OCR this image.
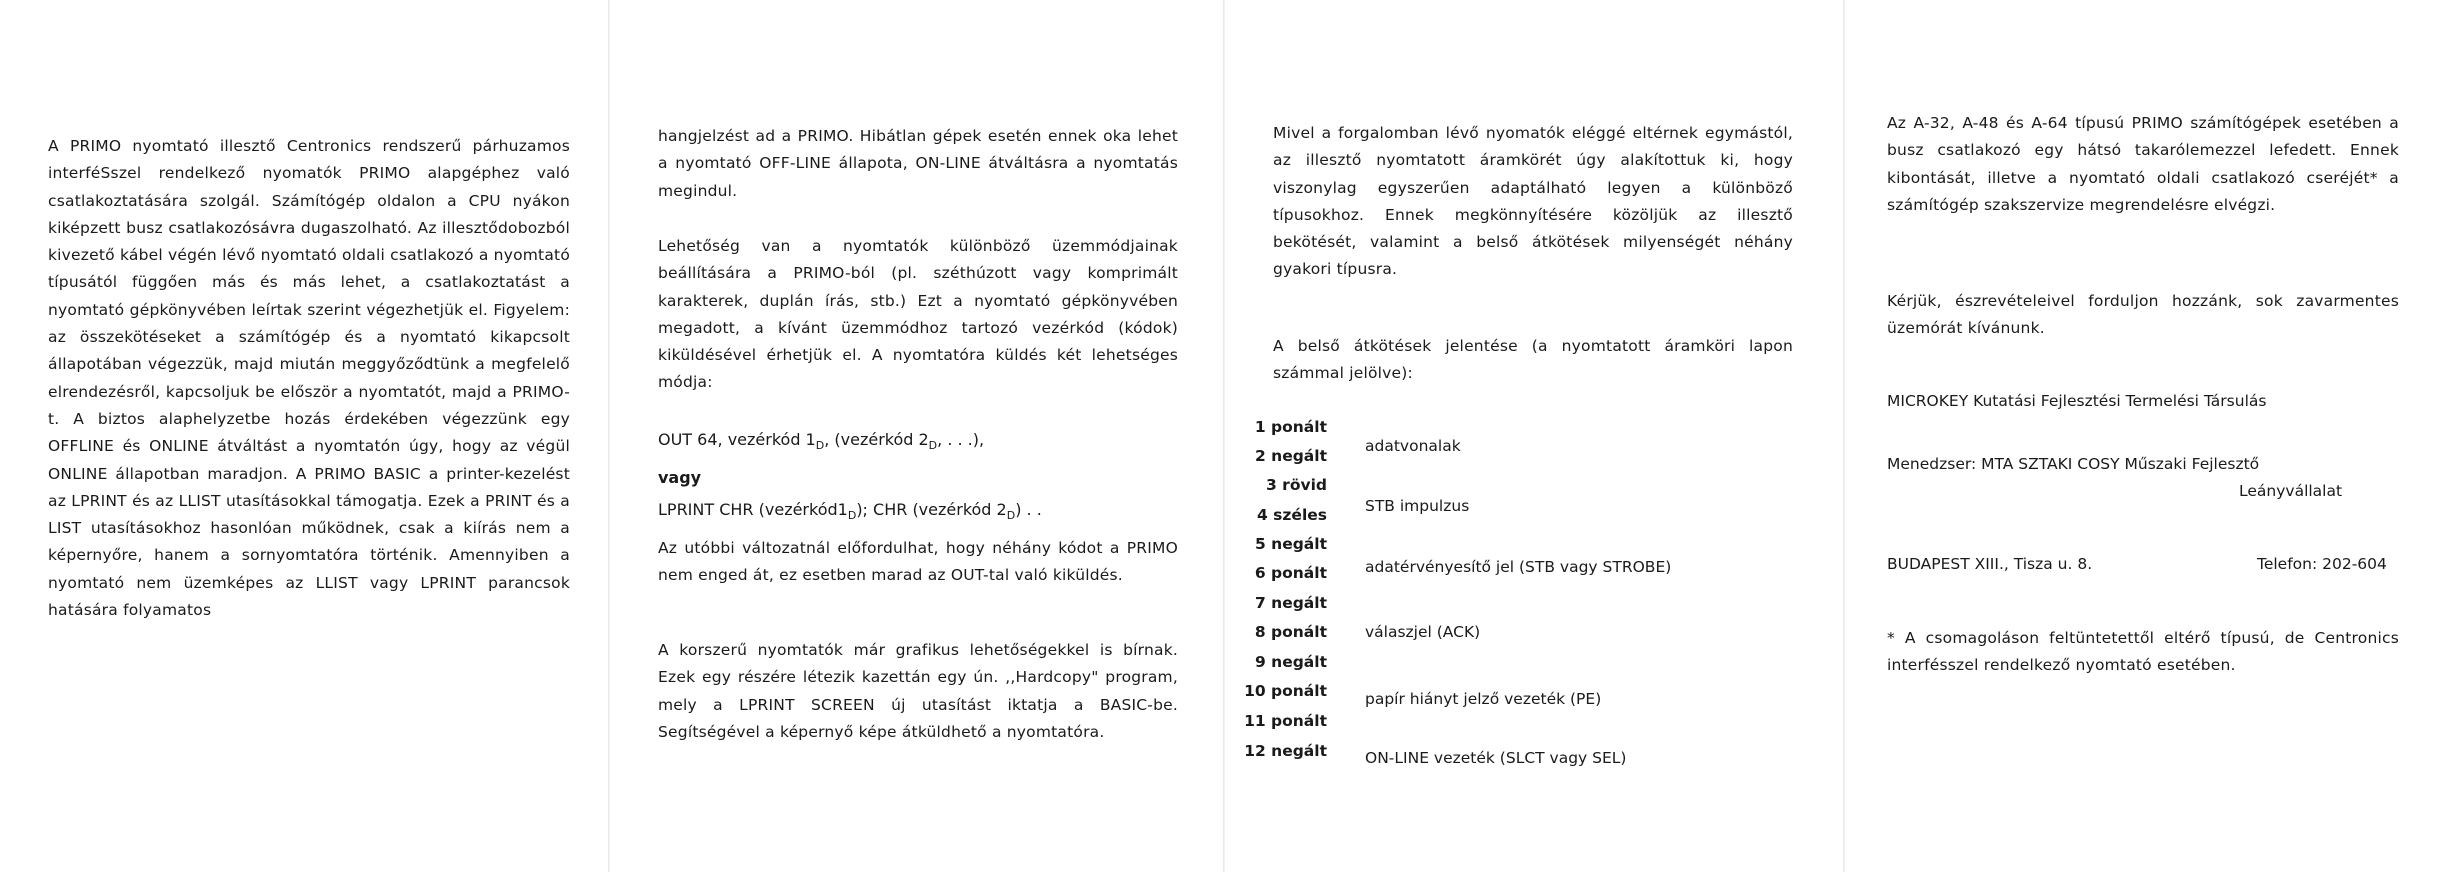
A PRIMO nyomtató illesztő Centronics rendszerű párhuzamos interféSszel rendelkező nyomatók PRIMO alapgéphez való csatlakoztatására szolgál. Számítógép oldalon a CPU nyákon kiképzett busz csatlakozósávra dugaszolható. Az illesztődobozból kivezető kábel végén lévő nyomtató oldali csatlakozó a nyomtató típusától függően más és más lehet, a csatlakoztatást a nyomtató gépkönyvében leírtak szerint végezhetjük el. Figyelem: az összekötéseket a számítógép és a nyomtató kikapcsolt állapotában végezzük, majd miután meggyőződtünk a megfelelő elrendezésről, kapcsoljuk be először a nyomtatót, majd a PRIMO-t. A biztos alaphelyzetbe hozás érdekében végezzünk egy OFFLINE és ONLINE átváltást a nyomtatón úgy, hogy az végül ONLINE állapotban maradjon. A PRIMO BASIC a printer-kezelést az LPRINT és az LLIST utasításokkal támogatja. Ezek a PRINT és a LIST utasításokhoz hasonlóan működnek, csak a kiírás nem a képernyőre, hanem a sornyomtatóra történik. Amennyiben a nyomtató nem üzemképes az LLIST vagy LPRINT parancsok hatására folyamatos
hangjelzést ad a PRIMO. Hibátlan gépek esetén ennek oka lehet a nyomtató OFF-LINE állapota, ON-LINE átváltásra a nyomtatás megindul.
Lehetőség van a nyomtatók különböző üzemmódjainak beállítására a PRIMO-ból (pl. széthúzott vagy komprimált karakterek, duplán írás, stb.) Ezt a nyomtató gépkönyvében megadott, a kívánt üzemmódhoz tartozó vezérkód (kódok) kiküldésével érhetjük el. A nyomtatóra küldés két lehetséges módja:
OUT 64, vezérkód $1_D$, (vezérkód $2_D$, . . .),
vagy
LPRINT CHR $(vezérkód1_D)$; CHR (vezérkód $2_D$) . .
Az utóbbi változatnál előfordulhat, hogy néhány kódot a PRIMO nem enged át, ez esetben marad az OUT-tal való kiküldés.
A korszerű nyomtatók már grafikus lehetőségekkel is bírnak. Ezek egy részére létezik kazettán egy ún. ,,Hardcopy" program, mely a LPRINT SCREEN új utasítást iktatja a BASIC-be. Segítségével a képernyő képe átküldhető a nyomtatóra.
Mivel a forgalomban lévő nyomatók eléggé eltérnek egymástól, az illesztő nyomtatott áramkörét úgy alakítottuk ki, hogy viszonylag egyszerűen adaptálható legyen a különböző típusokhoz. Ennek megkönnyítésére közöljük az illesztő bekötését, valamint a belső átkötések milyenségét néhány gyakori típusra.
A belső átkötések jelentése (a nyomtatott áramköri lapon számmal jelölve):
1 ponált
2 negált
3 rövid
4 széles
5 negált
6 ponált
7 negált
8 ponált
9 negált
10 ponált
11 ponált
12 negált
adatvonalak
STB impulzus
adatérvényesítő jel (STB vagy STROBE)
válaszjel (ACK)
papír hiányt jelző vezeték (PE)
ON-LINE vezeték (SLCT vagy SEL)
Az A-32, A-48 és A-64 típusú PRIMO számítógépek esetében a busz csatlakozó egy hátsó takarólemezzel lefedett. Ennek kibontását, illetve a nyomtató oldali csatlakozó cseréjét* a számítógép szakszervize megrendelésre elvégzi.
Kérjük, észrevételeivel forduljon hozzánk, sok zavarmentes üzemórát kívánunk.
MICROKEY Kutatási Fejlesztési Termelési Társulás
Menedzser: MTA SZTAKI COSY Műszaki Fejlesztő
Leányvállalat
BUDAPEST XIII., Tisza u. 8.	Telefon: 202-604
* A csomagoláson feltüntetettől eltérő típusú, de Centronics interfésszel rendelkező nyomtató esetében.
